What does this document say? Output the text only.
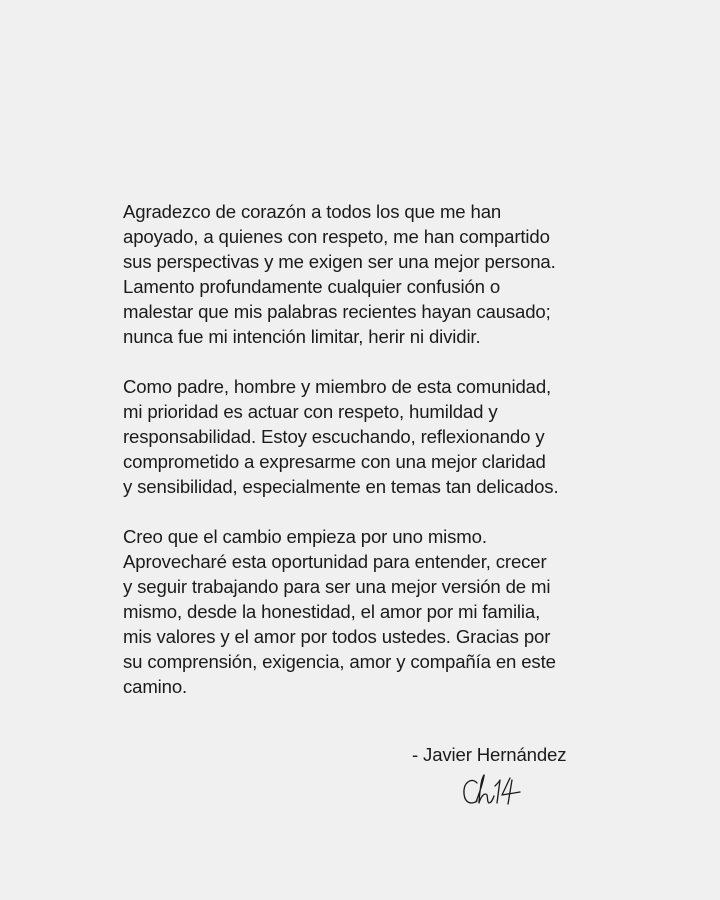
Agradezco de corazón a todos los que me han
apoyado, a quienes con respeto, me han compartido
sus perspectivas y me exigen ser una mejor persona.
Lamento profundamente cualquier confusión o
malestar que mis palabras recientes hayan causado;
nunca fue mi intención limitar, herir ni dividir.

Como padre, hombre y miembro de esta comunidad,
mi prioridad es actuar con respeto, humildad y
responsabilidad. Estoy escuchando, reflexionando y
comprometido a expresarme con una mejor claridad
y sensibilidad, especialmente en temas tan delicados.

Creo que el cambio empieza por uno mismo.
Aprovecharé esta oportunidad para entender, crecer
y seguir trabajando para ser una mejor versión de mi
mismo, desde la honestidad, el amor por mi familia,
mis valores y el amor por todos ustedes. Gracias por
su comprensión, exigencia, amor y compañía en este
camino.

- Javier Hernández
